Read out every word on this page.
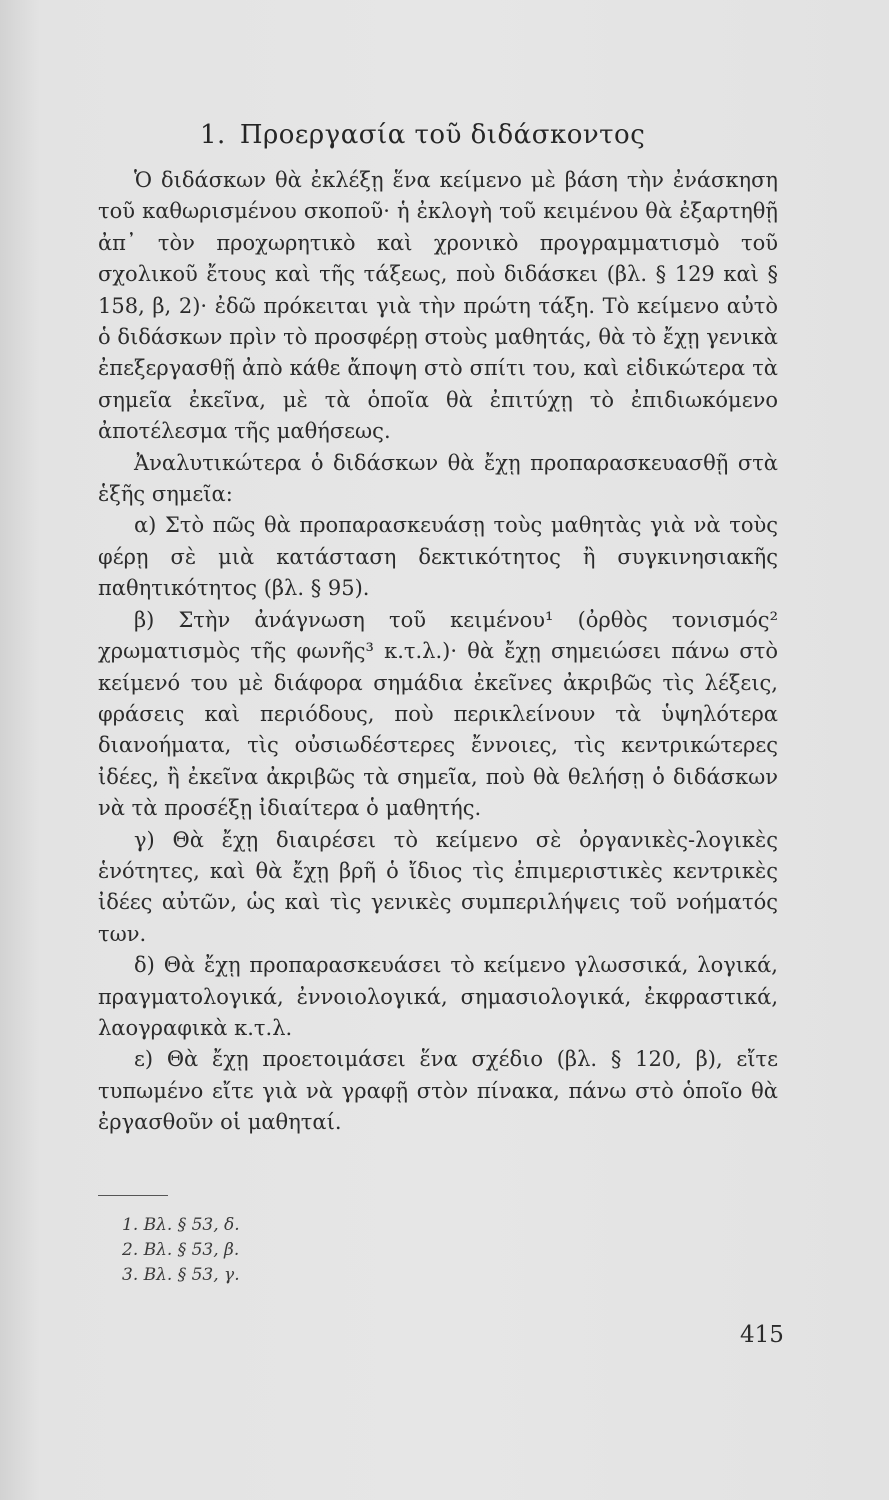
1. Προεργασία τοῦ διδάσκοντος

Ὁ διδάσκων θὰ ἐκλέξῃ ἕνα κείμενο μὲ βάση τὴν ἐνάσκηση τοῦ καθωρισμένου σκοποῦ· ἡ ἐκλογὴ τοῦ κειμένου θὰ ἐξαρτηθῇ ἀπ᾿ τὸν προχωρητικὸ καὶ χρονικὸ προγραμματισμὸ τοῦ σχολικοῦ ἔτους καὶ τῆς τάξεως, ποὺ διδάσκει (βλ. § 129 καὶ § 158, β, 2)· ἐδῶ πρόκειται γιὰ τὴν πρώτη τάξη. Τὸ κείμενο αὐτὸ ὁ διδάσκων πρὶν τὸ προσφέρῃ στοὺς μαθητάς, θὰ τὸ ἔχῃ γενικὰ ἐπεξεργασθῇ ἀπὸ κάθε ἄποψη στὸ σπίτι του, καὶ εἰδικώτερα τὰ σημεῖα ἐκεῖνα, μὲ τὰ ὁποῖα θὰ ἐπιτύχῃ τὸ ἐπιδιωκόμενο ἀποτέλεσμα τῆς μαθήσεως.

Ἀναλυτικώτερα ὁ διδάσκων θὰ ἔχῃ προπαρασκευασθῇ στὰ ἑξῆς σημεῖα:

α) Στὸ πῶς θὰ προπαρασκευάσῃ τοὺς μαθητὰς γιὰ νὰ τοὺς φέρῃ σὲ μιὰ κατάσταση δεκτικότητος ἢ συγκινησιακῆς παθητικότητος (βλ. § 95).

β) Στὴν ἀνάγνωση τοῦ κειμένου¹ (ὀρθὸς τονισμός² χρωματισμὸς τῆς φωνῆς³ κ.τ.λ.)· θὰ ἔχῃ σημειώσει πάνω στὸ κείμενό του μὲ διάφορα σημάδια ἐκεῖνες ἀκριβῶς τὶς λέξεις, φράσεις καὶ περιόδους, ποὺ περικλείνουν τὰ ὑψηλότερα διανοήματα, τὶς οὐσιωδέστερες ἔννοιες, τὶς κεντρικώτερες ἰδέες, ἢ ἐκεῖνα ἀκριβῶς τὰ σημεῖα, ποὺ θὰ θελήσῃ ὁ διδάσκων νὰ τὰ προσέξῃ ἰδιαίτερα ὁ μαθητής.

γ) Θὰ ἔχῃ διαιρέσει τὸ κείμενο σὲ ὀργανικὲς-λογικὲς ἑνότητες, καὶ θὰ ἔχῃ βρῆ ὁ ἴδιος τὶς ἐπιμεριστικὲς κεντρικὲς ἰδέες αὐτῶν, ὡς καὶ τὶς γενικὲς συμπεριλήψεις τοῦ νοήματός των.

δ) Θὰ ἔχῃ προπαρασκευάσει τὸ κείμενο γλωσσικά, λογικά, πραγματολογικά, ἐννοιολογικά, σημασιολογικά, ἐκφραστικά, λαογραφικὰ κ.τ.λ.

ε) Θὰ ἔχῃ προετοιμάσει ἕνα σχέδιο (βλ. § 120, β), εἴτε τυπωμένο εἴτε γιὰ νὰ γραφῇ στὸν πίνακα, πάνω στὸ ὁποῖο θὰ ἐργασθοῦν οἱ μαθηταί.

1. Βλ. § 53, δ.
2. Βλ. § 53, β.
3. Βλ. § 53, γ.
415
